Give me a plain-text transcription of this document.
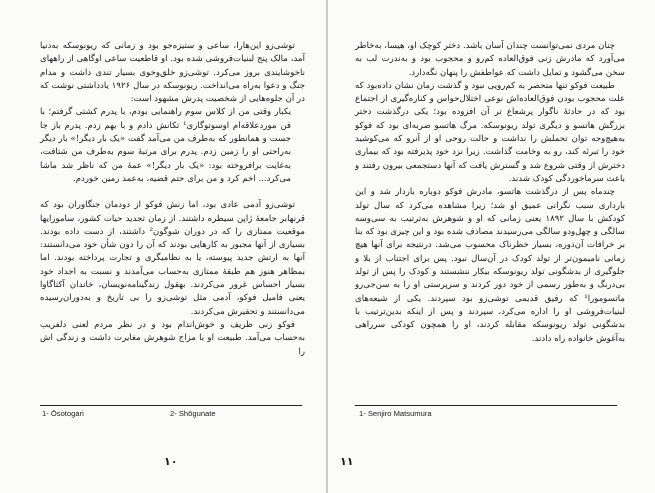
توشی‌زو این‌هارا، ساعی و ستیزه‌جو بود و زمانی که ریونوسکه به‌دنیا آمد، مالک پنج لبنیات‌فروشی شده بود. او قاطعیت ساعی اوگاهی از راههای ناخوشایندی بروز می‌کرد. توشی‌زو خلق‌وخوی بسیار تندی داشت و مدام جنگ و دعوا به‌راه می‌انداخت. ریونوسکه در سال ۱۹۲۶ یادداشتی نوشت که در آن جلوه‌هایی از شخصیت پدرش مشهود است:

یکبار وقتی من از کلاس سوم راهنمایی بودم، با پدرم کشتی گرفتم؛ با فن موردعلاقه‌ام اوسوتوگاری¹ تکانش دادم و با بهم زدم. پدرم باز جا جست و همانطور که به‌طرف من می‌آمد گفت «یک بار دیگر!» بار دیگر به‌راحتی او را زمین زدم. پدرم برای مرتبهٔ سوم به‌طرف من شتافت، به‌غایت برافروخته بود: «یک بار دیگر!» عمهٔ من که ناظر شد ماشا می‌کرد... اخم کرد و من برای حتم قضیه، به‌عمد زمین خوردم.

توشی‌زو آدمی عادی بود، اما زنش فوکو از دودمان جنگاوران بود که قرنهابر جامعهٔ ژاپن سیطره داشتند. از زمان تجدید حیات کشور، سامورایها موقعیت ممتازی را که در دوران شوگون² داشتند، از دست داده بودند. بسیاری از آنها مجبور به کارهایی بودند که آن را دون شأن خود می‌دانستند: آنها به ارتش جدید پیوسته، یا به نظامیگری و تجارت پرداخته بودند. اما بمظاهر هنوز هم طبقهٔ ممتازی به‌حساب می‌آمدند و نسبت به اجداد خود بسیار احساس غرور می‌کردند. بهقول زندگینامه‌نویسان، خاندان آکتاگاوا یعنی فامیل فوکو، آدمی مثل توشی‌زو را بی تاریخ و به‌دوران‌رسیده می‌دانستند و تحقیرش می‌کردند.

فوکو زنی ظریف و خوش‌اندام بود و در نظر مردم لعنی دلفریب به‌حساب می‌آمد. طبیعت او با مزاج شوهرش مغایرت داشت و زندگی اش را

1- Ōsotogari	2- Shōgunate
۱۰

چنان مردی نمی‌توانست چندان آسان باشد. دختر کوچک او، هیسا، به‌خاطر می‌آورد که مادرش زنی فوق‌العاده کم‌رو و محجوب بود و به‌ندرت لب به سخن می‌گشود و تمایل داشت که عواطفش را پنهان نگه‌دارد.

طبیعت فوکو تنها منحصر به کم‌رویی نبود و گذشت زمان نشان داده‌بود که علت محجوب بودن فوق‌العاده‌اش نوعی اختلال‌حواس و کناره‌گیری از اجتماع بود که در حادثهٔ ناگوار پرشعاع تر آن افزوده بود؛ یکی درگذشت دختر بزرگش هاتسو و دیگری تولد ریونوسکه. مرگ هاتسو ضربه‌ای بود که فوکو به‌هیچ‌وجه توان تحملش را نداشت و حالت روحی او از آنرو که می‌کوشید خود را تبرئه کند، رو به وخامت گذاشت. زیرا نزد خود پذیرفته بود که بیماری دخترش از وقتی شروع شد و گسترش یافت که آنها دستجمعی بیرون رفتند و باعث سرماخوردگی کودک شدند.

چندماه پس از درگذشت هاتسو، مادرش فوکو دوباره باردار شد و این بارداری سبب نگرانی عمیق او شد؛ زیرا مشاهده می‌کرد که سال تولد کودکش با سال ۱۸۹۲ یعنی زمانی که او و شوهرش به‌ترتیب به سی‌وسه سالگی و چهل‌ودو سالگی می‌رسیدند مصادف شده بود و این چیزی بود که بنا بر خرافات آن‌دوره، بسیار خطرناک محسوب می‌شد. درنتیجه برای آنها هیچ زمانی نامیمون‌تر از تولد کودک در آن‌سال نبود. پس برای اجتناب از بلا و جلوگیری از بدشگونی تولد ریونوسکه بیکار ننشستند و کودک را پس از تولد بی‌درنگ و به‌طور رسمی از خود دور کردند و سرپرستی او را به سن‌جی‌رو ماتسومورا¹ که رفیق قدیمی توشی‌زو بود سپردند. یکی از شیعه‌های لبنیات‌فروشی او را اداره می‌کرد، سپردند و پس از اینکه بدین‌ترتیب با بدشگونی تولد ریونوسکه مقابله کردند، او را همچون کودکی سرراهی به‌آغوش خانواده راه دادند.

1- Senjiro Matsumura
۱۱
